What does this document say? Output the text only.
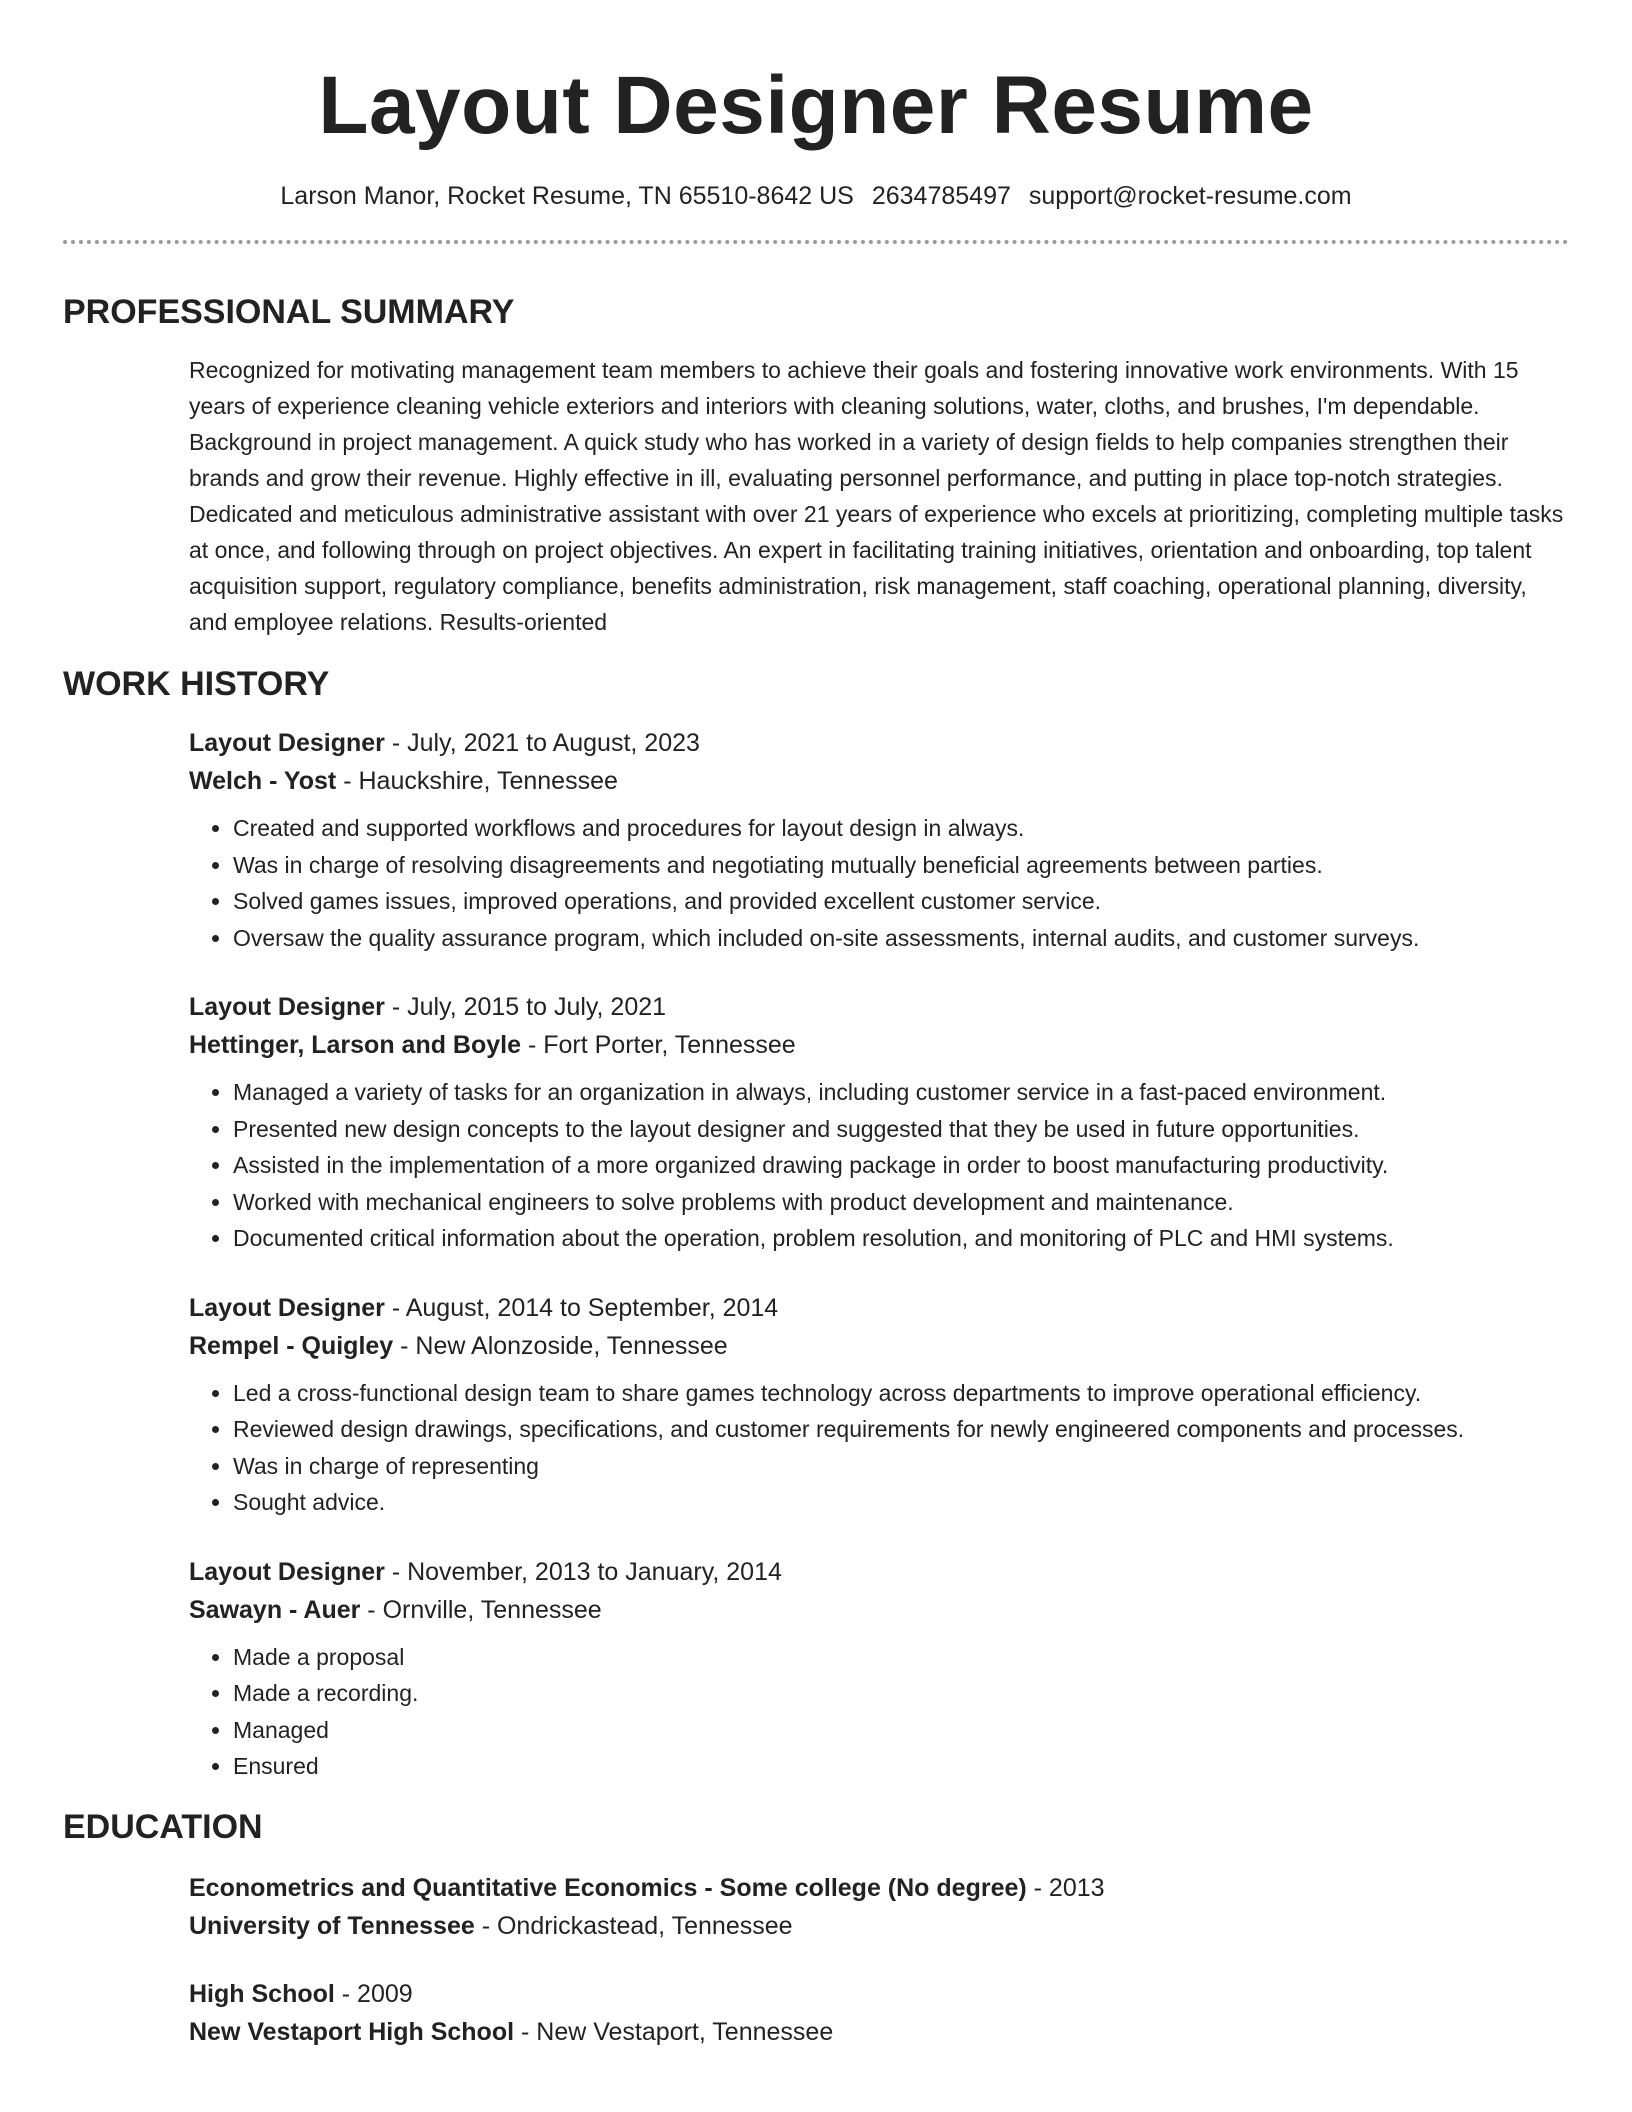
Layout Designer Resume
Larson Manor, Rocket Resume, TN 65510-8642 US 2634785497 support@rocket-resume.com
PROFESSIONAL SUMMARY

Recognized for motivating management team members to achieve their goals and fostering innovative work environments. With 15 years of experience cleaning vehicle exteriors and interiors with cleaning solutions, water, cloths, and brushes, I'm dependable. Background in project management. A quick study who has worked in a variety of design fields to help companies strengthen their brands and grow their revenue. Highly effective in ill, evaluating personnel performance, and putting in place top-notch strategies. Dedicated and meticulous administrative assistant with over 21 years of experience who excels at prioritizing, completing multiple tasks at once, and following through on project objectives. An expert in facilitating training initiatives, orientation and onboarding, top talent acquisition support, regulatory compliance, benefits administration, risk management, staff coaching, operational planning, diversity, and employee relations. Results-oriented

WORK HISTORY
Layout Designer - July, 2021 to August, 2023
Welch - Yost - Hauckshire, Tennessee
• Created and supported workflows and procedures for layout design in always.
• Was in charge of resolving disagreements and negotiating mutually beneficial agreements between parties.
• Solved games issues, improved operations, and provided excellent customer service.
• Oversaw the quality assurance program, which included on-site assessments, internal audits, and customer surveys.
Layout Designer - July, 2015 to July, 2021
Hettinger, Larson and Boyle - Fort Porter, Tennessee
• Managed a variety of tasks for an organization in always, including customer service in a fast-paced environment.
• Presented new design concepts to the layout designer and suggested that they be used in future opportunities.
• Assisted in the implementation of a more organized drawing package in order to boost manufacturing productivity.
• Worked with mechanical engineers to solve problems with product development and maintenance.
• Documented critical information about the operation, problem resolution, and monitoring of PLC and HMI systems.
Layout Designer - August, 2014 to September, 2014
Rempel - Quigley - New Alonzoside, Tennessee
• Led a cross-functional design team to share games technology across departments to improve operational efficiency.
• Reviewed design drawings, specifications, and customer requirements for newly engineered components and processes.
• Was in charge of representing
• Sought advice.
Layout Designer - November, 2013 to January, 2014
Sawayn - Auer - Ornville, Tennessee
• Made a proposal
• Made a recording.
• Managed
• Ensured
EDUCATION
Econometrics and Quantitative Economics - Some college (No degree) - 2013
University of Tennessee - Ondrickastead, Tennessee
High School - 2009
New Vestaport High School - New Vestaport, Tennessee
